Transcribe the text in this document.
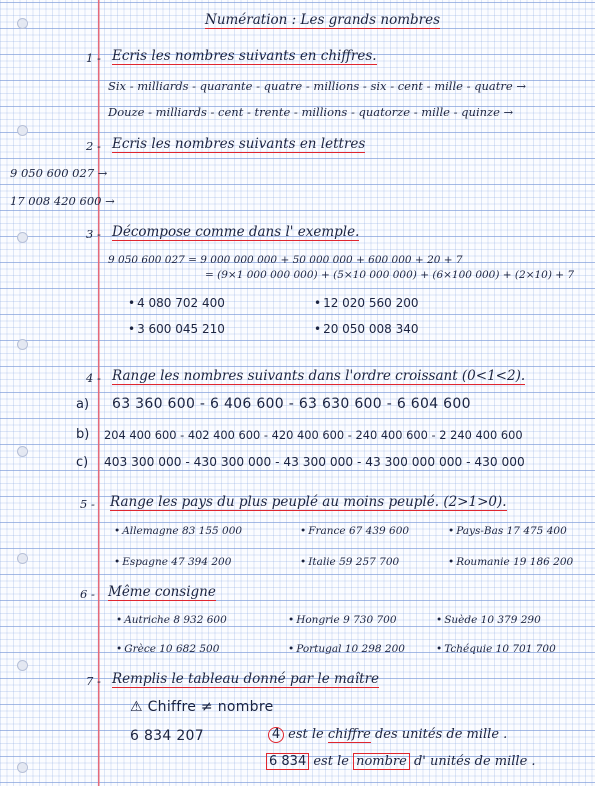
Numération : Les grands nombres
1 - Ecris les nombres suivants en chiffres.
Six - milliards - quarante - quatre - millions - six - cent - mille - quatre →
Douze - milliards - cent - trente - millions - quatorze - mille - quinze →
2 - Ecris les nombres suivants en lettres
9 050 600 027 →
17 008 420 600 →
3 - Décompose comme dans l' exemple.
9 050 600 027 = 9 000 000 000 + 50 000 000 + 600 000 + 20 + 7
= (9×1 000 000 000) + (5×10 000 000) + (6×100 000) + (2×10) + 7
• 4 080 702 400	• 12 020 560 200
• 3 600 045 210	• 20 050 008 340
4 - Range les nombres suivants dans l'ordre croissant (0<1<2).
a) 63 360 600 - 6 406 600 - 63 630 600 - 6 604 600
b) 204 400 600 - 402 400 600 - 420 400 600 - 240 400 600 - 2 240 400 600
c) 403 300 000 - 430 300 000 - 43 300 000 - 43 300 000 000 - 430 000
5 - Range les pays du plus peuplé au moins peuplé. (2>1>0).
• Allemagne 83 155 000	• France 67 439 600	• Pays-Bas 17 475 400
• Espagne 47 394 200	• Italie 59 257 700	• Roumanie 19 186 200
6 - Même consigne
• Autriche 8 932 600	• Hongrie 9 730 700	• Suède 10 379 290
• Grèce 10 682 500	• Portugal 10 298 200	• Tchéquie 10 701 700
7 - Remplis le tableau donné par le maître
⚠ Chiffre ≠ nombre
6 834 207	4 est le chiffre des unités de mille .
6 834 est le nombre d' unités de mille .
